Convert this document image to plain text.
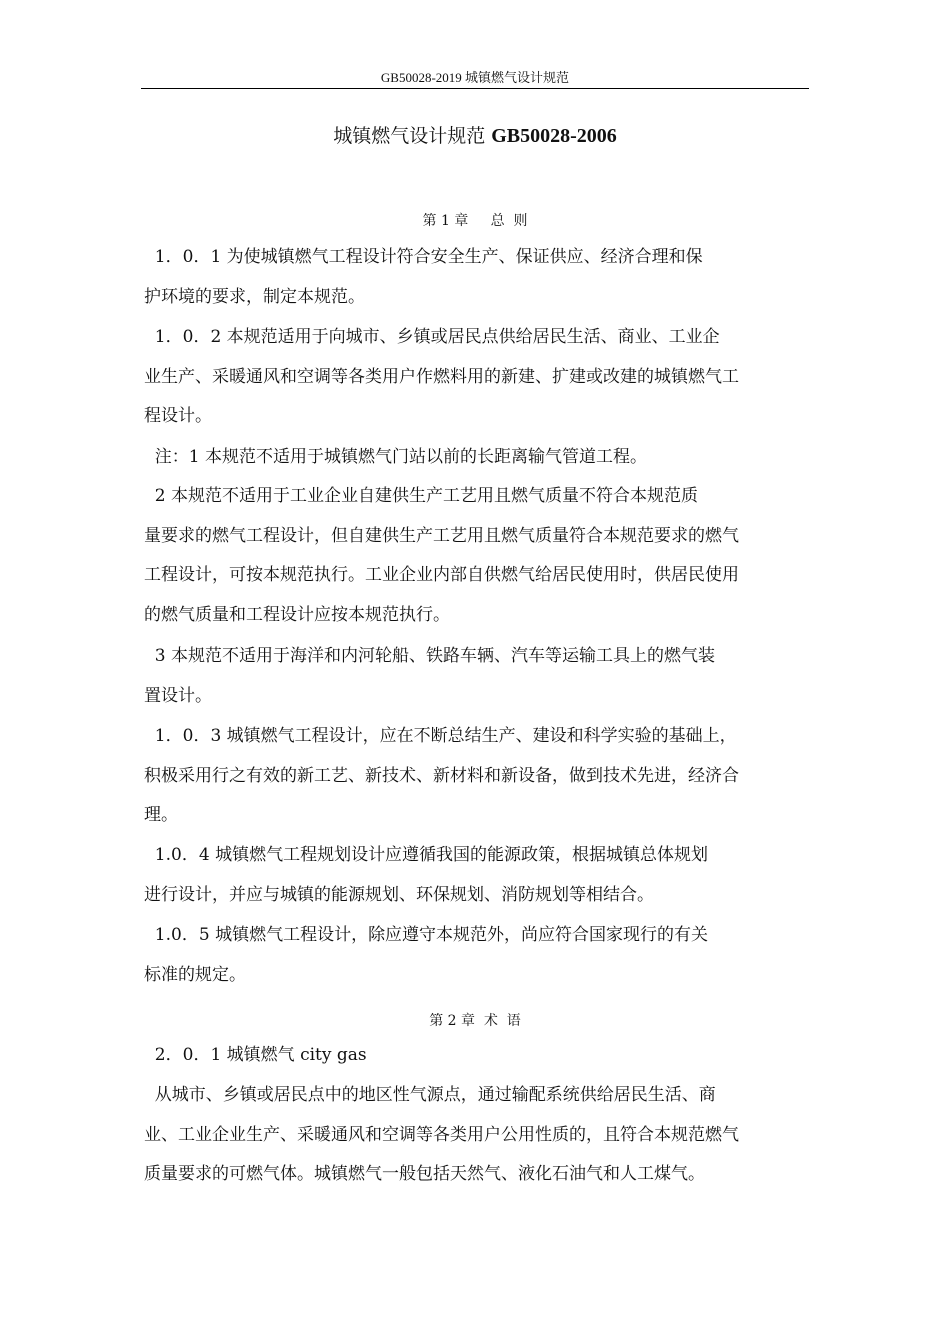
GB50028-2019 城镇燃气设计规范
城镇燃气设计规范 GB50028-2006
第 1 章     总  则
1．0．1 为使城镇燃气工程设计符合安全生产、保证供应、经济合理和保
护环境的要求，制定本规范。
1．0．2 本规范适用于向城市、乡镇或居民点供给居民生活、商业、工业企
业生产、采暖通风和空调等各类用户作燃料用的新建、扩建或改建的城镇燃气工
程设计。
注：1 本规范不适用于城镇燃气门站以前的长距离输气管道工程。
2 本规范不适用于工业企业自建供生产工艺用且燃气质量不符合本规范质
量要求的燃气工程设计，但自建供生产工艺用且燃气质量符合本规范要求的燃气
工程设计，可按本规范执行。工业企业内部自供燃气给居民使用时，供居民使用
的燃气质量和工程设计应按本规范执行。
3 本规范不适用于海洋和内河轮船、铁路车辆、汽车等运输工具上的燃气装
置设计。
1．0．3 城镇燃气工程设计，应在不断总结生产、建设和科学实验的基础上，
积极采用行之有效的新工艺、新技术、新材料和新设备，做到技术先进，经济合
理。
1.0．4 城镇燃气工程规划设计应遵循我国的能源政策，根据城镇总体规划
进行设计，并应与城镇的能源规划、环保规划、消防规划等相结合。
1.0．5 城镇燃气工程设计，除应遵守本规范外，尚应符合国家现行的有关
标准的规定。
第 2 章  术  语
2．0．1 城镇燃气 city gas
从城市、乡镇或居民点中的地区性气源点，通过输配系统供给居民生活、商
业、工业企业生产、采暖通风和空调等各类用户公用性质的，且符合本规范燃气
质量要求的可燃气体。城镇燃气一般包括天然气、液化石油气和人工煤气。
